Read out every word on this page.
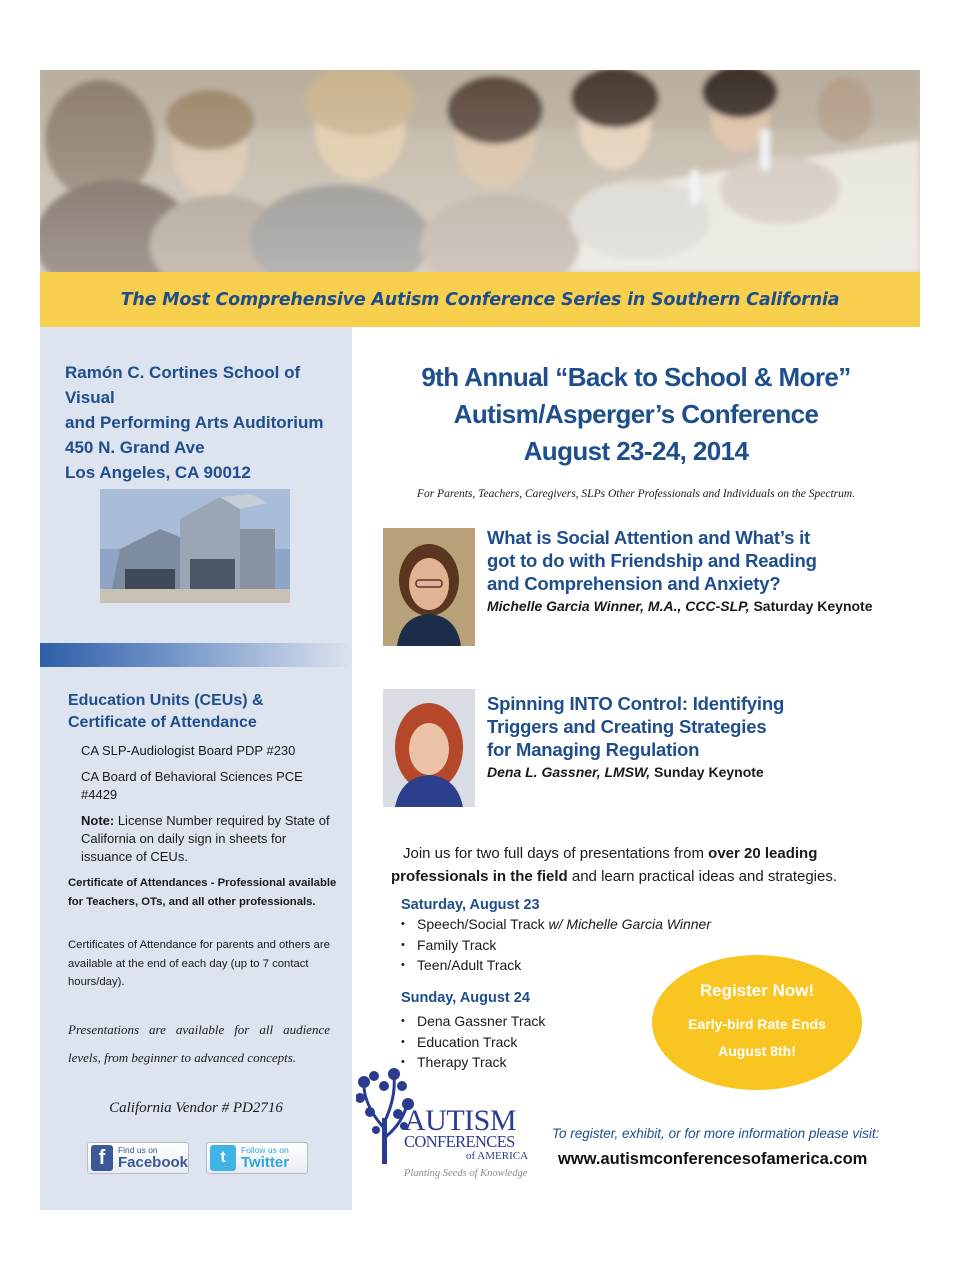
The Most Comprehensive Autism Conference Series in Southern California
Ramón C. Cortines School of Visual
and Performing Arts Auditorium
450 N. Grand Ave
Los Angeles, CA 90012
Education Units (CEUs) &
Certificate of Attendance
CA SLP-Audiologist Board PDP #230
CA Board of Behavioral Sciences PCE #4429
Note: License Number required by State of California on daily sign in sheets for issuance of CEUs.
Certificate of Attendances - Professional available for Teachers, OTs, and all other professionals.
Certificates of Attendance for parents and others are available at the end of each day (up to 7 contact hours/day).
Presentations are available for all audience levels, from beginner to advanced concepts.
California Vendor # PD2716
f	Find us on
Facebook	t	Follow us on
Twitter
9th Annual “Back to School & More”
Autism/Asperger’s Conference
August 23-24, 2014
For Parents, Teachers, Caregivers, SLPs Other Professionals and Individuals on the Spectrum.
What is Social Attention and What’s it
got to do with Friendship and Reading
and Comprehension and Anxiety?
Michelle Garcia Winner, M.A., CCC-SLP, Saturday Keynote
Spinning INTO Control: Identifying
Triggers and Creating Strategies
for Managing Regulation
Dena L. Gassner, LMSW, Sunday Keynote
Join us for two full days of presentations from over 20 leading
professionals in the field and learn practical ideas and strategies.
Saturday, August 23
• Speech/Social Track w/ Michelle Garcia Winner
• Family Track
• Teen/Adult Track
Sunday, August 24
• Dena Gassner Track
• Education Track
• Therapy Track
Register Now!
Early-bird Rate Ends
August 8th!
AUTISM
CONFERENCES
of AMERICA
Planting Seeds of Knowledge
To register, exhibit, or for more information please visit:
www.autismconferencesofamerica.com
